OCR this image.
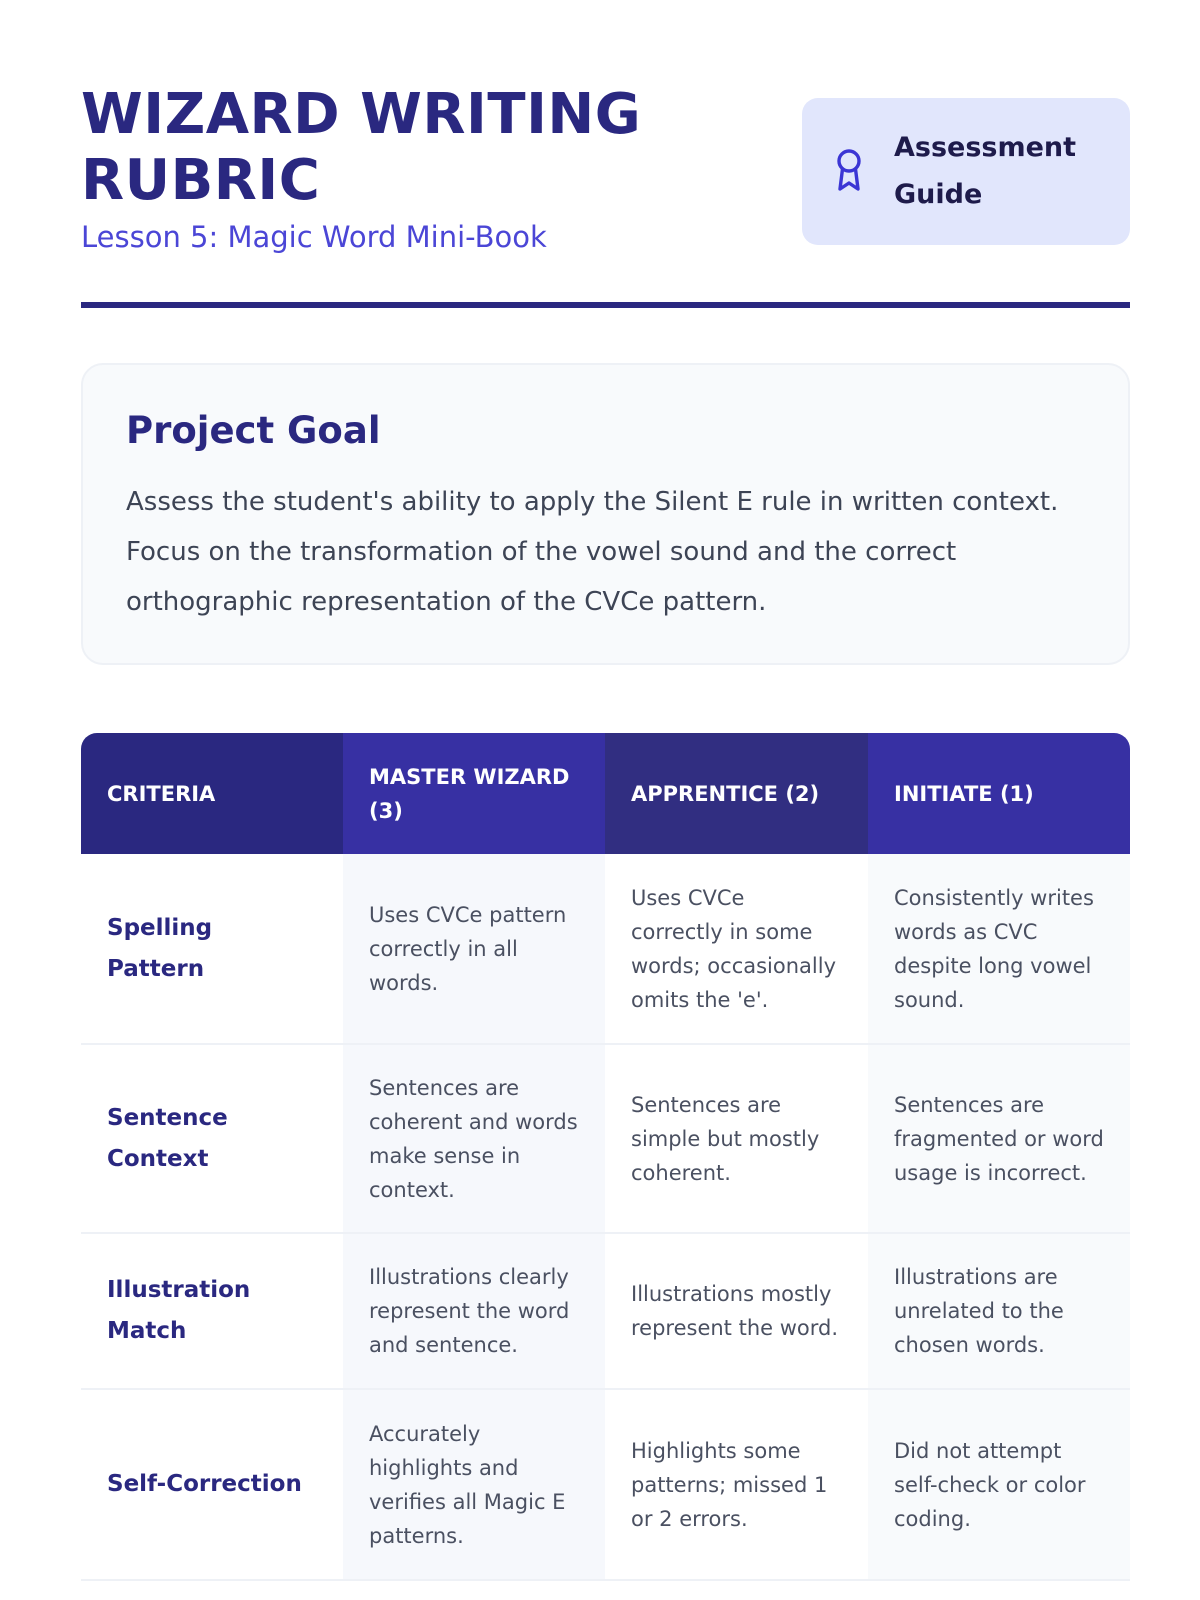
WIZARD WRITING RUBRIC
Lesson 5: Magic Word Mini-Book
Assessment Guide
Project Goal

Assess the student's ability to apply the Silent E rule in written context. Focus on the transformation of the vowel sound and the correct orthographic representation of the CVCe pattern.

CRITERIA	MASTER WIZARD (3)	APPRENTICE (2)	INITIATE (1)
Spelling Pattern	Uses CVCe pattern correctly in all words.	Uses CVCe correctly in some words; occasionally omits the 'e'.	Consistently writes words as CVC despite long vowel sound.
Sentence Context	Sentences are coherent and words make sense in context.	Sentences are simple but mostly coherent.	Sentences are fragmented or word usage is incorrect.
Illustration Match	Illustrations clearly represent the word and sentence.	Illustrations mostly represent the word.	Illustrations are unrelated to the chosen words.
Self-Correction	Accurately highlights and verifies all Magic E patterns.	Highlights some patterns; missed 1 or 2 errors.	Did not attempt self-check or color coding.
